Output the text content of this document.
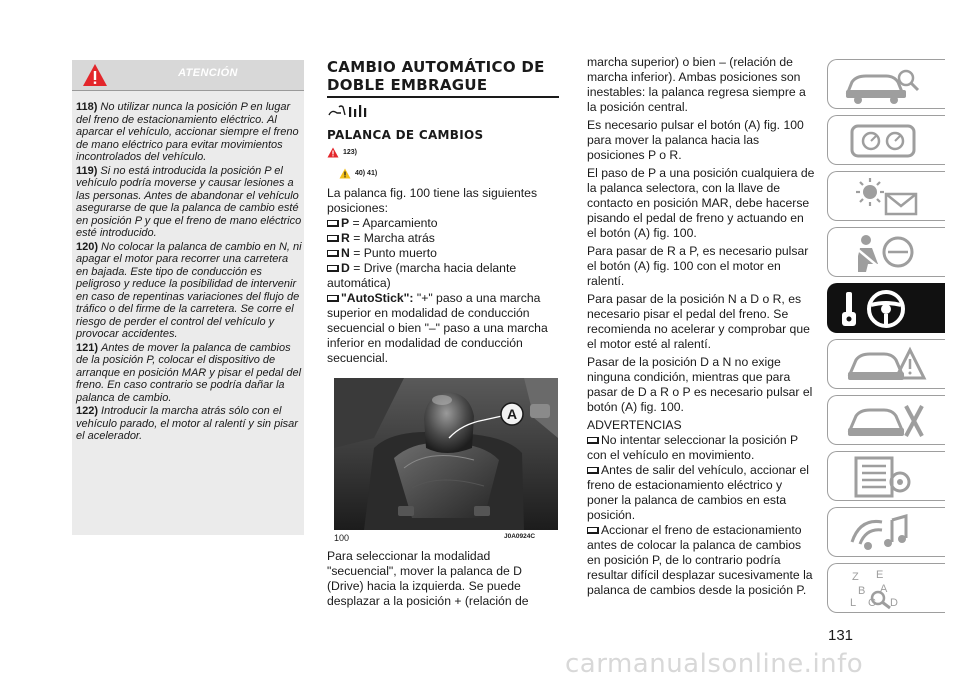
ATENCIÓN
118) No utilizar nunca la posición P en lugar del freno de estacionamiento eléctrico. Al aparcar el vehículo, accionar siempre el freno de mano eléctrico para evitar movimientos incontrolados del vehículo.
119) Si no está introducida la posición P el vehículo podría moverse y causar lesiones a las personas. Antes de abandonar el vehículo asegurarse de que la palanca de cambio esté en posición P y que el freno de mano eléctrico esté introducido.
120) No colocar la palanca de cambio en N, ni apagar el motor para recorrer una carretera en bajada. Este tipo de conducción es peligroso y reduce la posibilidad de intervenir en caso de repentinas variaciones del flujo de tráfico o del firme de la carretera. Se corre el riesgo de perder el control del vehículo y provocar accidentes.
121) Antes de mover la palanca de cambios de la posición P, colocar el dispositivo de arranque en posición MAR y pisar el pedal del freno. En caso contrario se podría dañar la palanca de cambio.
122) Introducir la marcha atrás sólo con el vehículo parado, el motor al ralentí y sin pisar el acelerador.
CAMBIO AUTOMÁTICO DE
DOBLE EMBRAGUE
PALANCA DE CAMBIOS
123)
40) 41)

La palanca fig. 100 tiene las siguientes posiciones:

P = Aparcamiento
R = Marcha atrás
N = Punto muerto
D = Drive (marcha hacia delante automática)
"AutoStick": "+" paso a una marcha superior en modalidad de conducción secuencial o bien "–" paso a una marcha inferior en modalidad de conducción secuencial.
A
100	J0A0924C

Para seleccionar la modalidad "secuencial", mover la palanca de D (Drive) hacia la izquierda. Se puede desplazar a la posición + (relación de

marcha superior) o bien – (relación de marcha inferior). Ambas posiciones son inestables: la palanca regresa siempre a la posición central.

Es necesario pulsar el botón (A) fig. 100 para mover la palanca hacia las posiciones P o R.

El paso de P a una posición cualquiera de la palanca selectora, con la llave de contacto en posición MAR, debe hacerse pisando el pedal de freno y actuando en el botón (A) fig. 100.

Para pasar de R a P, es necesario pulsar el botón (A) fig. 100 con el motor en ralentí.

Para pasar de la posición N a D o R, es necesario pisar el pedal del freno. Se recomienda no acelerar y comprobar que el motor esté al ralentí.

Pasar de la posición D a N no exige ninguna condición, mientras que para pasar de D a R o P es necesario pulsar el botón (A) fig. 100.

ADVERTENCIAS

No intentar seleccionar la posición P con el vehículo en movimiento.
Antes de salir del vehículo, accionar el freno de estacionamiento eléctrico y poner la palanca de cambios en esta posición.
Accionar el freno de estacionamiento antes de colocar la palanca de cambios en posición P, de lo contrario podría resultar difícil desplazar sucesivamente la palanca de cambios desde la posición P.
131
Z E
B A
L C D
carmanualsonline.info
